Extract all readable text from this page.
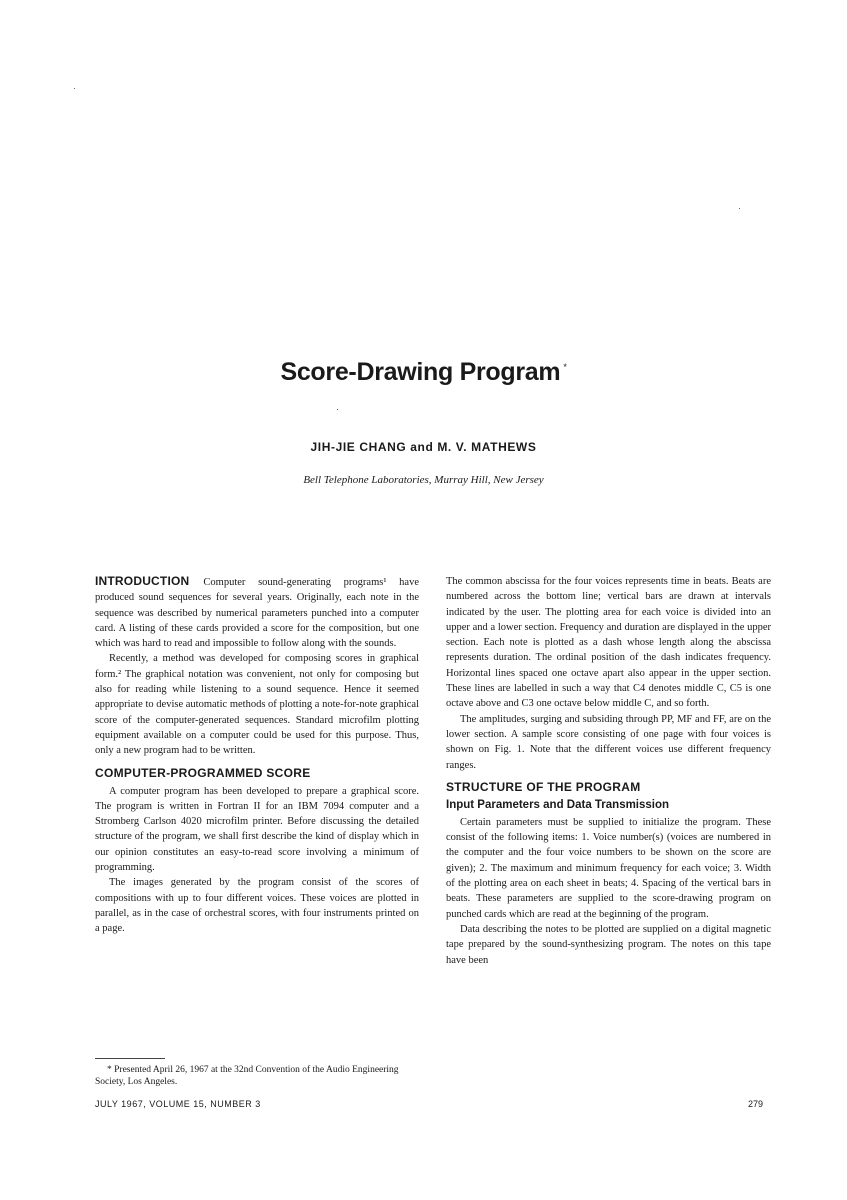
Score-Drawing Program *
JIH-JIE CHANG and M. V. MATHEWS
Bell Telephone Laboratories, Murray Hill, New Jersey

INTRODUCTION Computer sound-generating programs¹ have produced sound sequences for several years. Originally, each note in the sequence was described by numerical parameters punched into a computer card. A listing of these cards provided a score for the composition, but one which was hard to read and impossible to follow along with the sounds.

Recently, a method was developed for composing scores in graphical form.² The graphical notation was convenient, not only for composing but also for reading while listening to a sound sequence. Hence it seemed appropriate to devise automatic methods of plotting a note-for-note graphical score of the computer-generated sequences. Standard microfilm plotting equipment available on a computer could be used for this purpose. Thus, only a new program had to be written.

COMPUTER-PROGRAMMED SCORE

A computer program has been developed to prepare a graphical score. The program is written in Fortran II for an IBM 7094 computer and a Stromberg Carlson 4020 microfilm printer. Before discussing the detailed structure of the program, we shall first describe the kind of display which in our opinion constitutes an easy-to-read score involving a minimum of programming.

The images generated by the program consist of the scores of compositions with up to four different voices. These voices are plotted in parallel, as in the case of orchestral scores, with four instruments printed on a page.

The common abscissa for the four voices represents time in beats. Beats are numbered across the bottom line; vertical bars are drawn at intervals indicated by the user. The plotting area for each voice is divided into an upper and a lower section. Frequency and duration are displayed in the upper section. Each note is plotted as a dash whose length along the abscissa represents duration. The ordinal position of the dash indicates frequency. Horizontal lines spaced one octave apart also appear in the upper section. These lines are labelled in such a way that C4 denotes middle C, C5 is one octave above and C3 one octave below middle C, and so forth.

The amplitudes, surging and subsiding through PP, MF and FF, are on the lower section. A sample score consisting of one page with four voices is shown on Fig. 1. Note that the different voices use different frequency ranges.

STRUCTURE OF THE PROGRAM
Input Parameters and Data Transmission

Certain parameters must be supplied to initialize the program. These consist of the following items: 1. Voice number(s) (voices are numbered in the computer and the four voice numbers to be shown on the score are given); 2. The maximum and minimum frequency for each voice; 3. Width of the plotting area on each sheet in beats; 4. Spacing of the vertical bars in beats. These parameters are supplied to the score-drawing program on punched cards which are read at the beginning of the program.

Data describing the notes to be plotted are supplied on a digital magnetic tape prepared by the sound-synthesizing program. The notes on this tape have been

* Presented April 26, 1967 at the 32nd Convention of the Audio Engineering Society, Los Angeles.
JULY 1967, VOLUME 15, NUMBER 3	279
